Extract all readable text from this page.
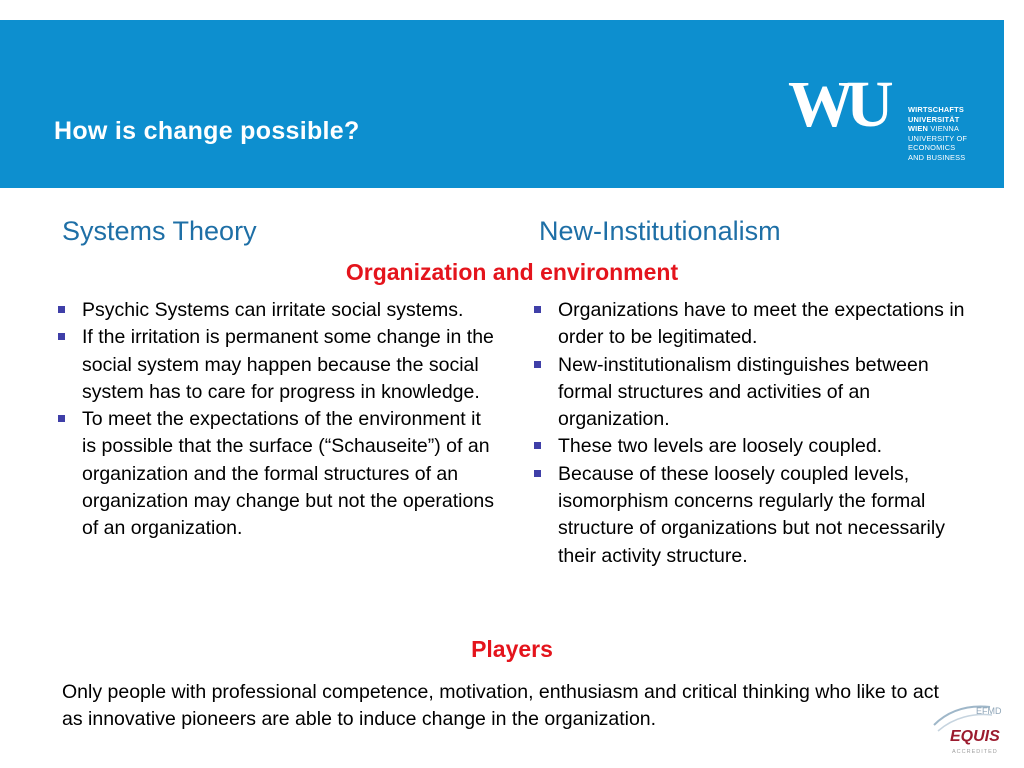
How is change possible?	WU	WIRTSCHAFTS
UNIVERSITÄT
WIEN VIENNA
UNIVERSITY OF
ECONOMICS
AND BUSINESS
Systems Theory	New-Institutionalism
Organization and environment
Psychic Systems can irritate social systems.
If the irritation is permanent some change in the social system may happen because the social system has to care for progress in knowledge.
To meet the expectations of the environment it is possible that the surface (“Schauseite”) of an organization and the formal structures of an organization may change but not the operations of an organization.
Organizations have to meet the expectations in order to be legitimated.
New-institutionalism distinguishes between formal structures and activities of an organization.
These two levels are loosely coupled.
Because of these loosely coupled levels, isomorphism concerns regularly the formal structure of organizations but not necessarily their activity structure.
Players
Only people with professional competence, motivation, enthusiasm and critical thinking who like to act as innovative pioneers are able to induce change in the organization.	EFMD
EQUIS
ACCREDITED
